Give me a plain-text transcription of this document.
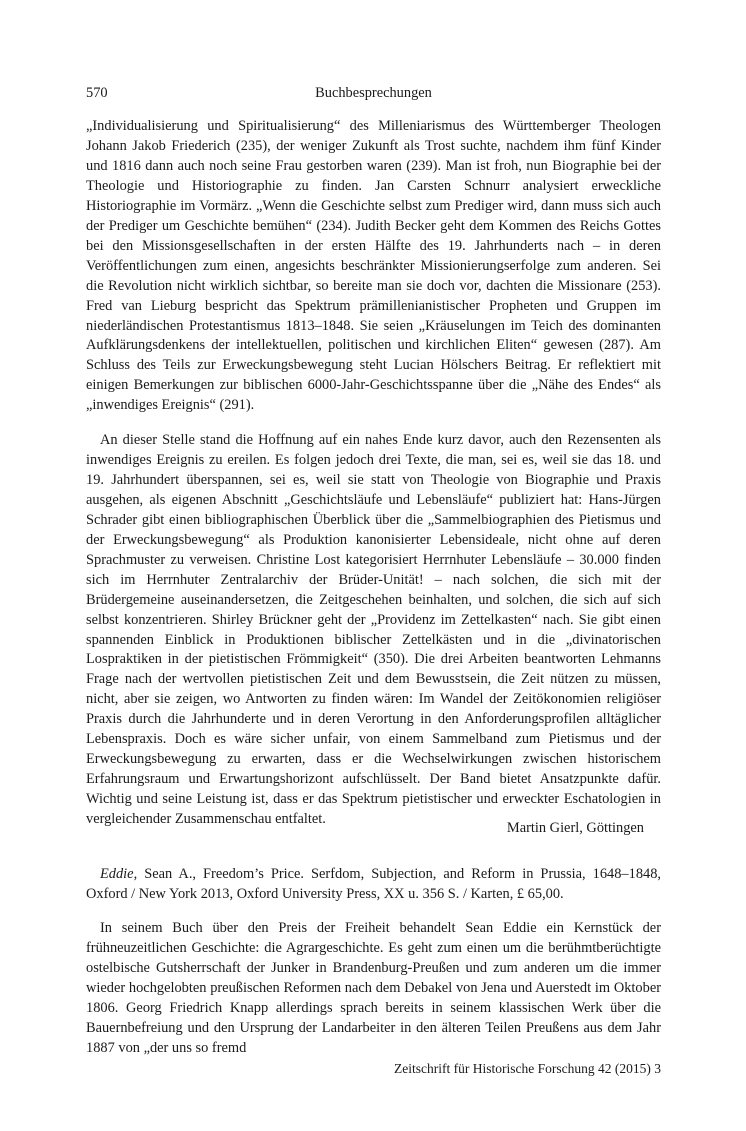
570	Buchbesprechungen

„Individualisierung und Spiritualisierung“ des Milleniarismus des Württemberger Theologen Johann Jakob Friederich (235), der weniger Zukunft als Trost suchte, nachdem ihm fünf Kinder und 1816 dann auch noch seine Frau gestorben waren (239). Man ist froh, nun Biographie bei der Theologie und Historiographie zu finden. Jan Carsten Schnurr analysiert erweckliche Historiographie im Vormärz. „Wenn die Geschichte selbst zum Prediger wird, dann muss sich auch der Prediger um Geschichte bemühen“ (234). Judith Becker geht dem Kommen des Reichs Gottes bei den Missionsgesellschaften in der ersten Hälfte des 19. Jahrhunderts nach – in deren Veröffentlichungen zum einen, angesichts beschränkter Missionierungserfolge zum anderen. Sei die Revolution nicht wirklich sichtbar, so bereite man sie doch vor, dachten die Missionare (253). Fred van Lieburg bespricht das Spektrum prämillenianistischer Propheten und Gruppen im niederländischen Protestantismus 1813–1848. Sie seien „Kräuselungen im Teich des dominanten Aufklärungsdenkens der intellektuellen, politischen und kirchlichen Eliten“ gewesen (287). Am Schluss des Teils zur Erweckungsbewegung steht Lucian Hölschers Beitrag. Er reflektiert mit einigen Bemerkungen zur biblischen 6000-Jahr-Geschichtsspanne über die „Nähe des Endes“ als „inwendiges Ereignis“ (291).

An dieser Stelle stand die Hoffnung auf ein nahes Ende kurz davor, auch den Rezensenten als inwendiges Ereignis zu ereilen. Es folgen jedoch drei Texte, die man, sei es, weil sie das 18. und 19. Jahrhundert überspannen, sei es, weil sie statt von Theologie von Biographie und Praxis ausgehen, als eigenen Abschnitt „Geschichtsläufe und Lebensläufe“ publiziert hat: Hans-Jürgen Schrader gibt einen bibliographischen Überblick über die „Sammelbiographien des Pietismus und der Erweckungsbewegung“ als Produktion kanonisierter Lebensideale, nicht ohne auf deren Sprachmuster zu verweisen. Christine Lost kategorisiert Herrnhuter Lebensläufe – 30.000 finden sich im Herrnhuter Zentralarchiv der Brüder-Unität! – nach solchen, die sich mit der Brüdergemeine auseinandersetzen, die Zeitgeschehen beinhalten, und solchen, die sich auf sich selbst konzentrieren. Shirley Brückner geht der „Providenz im Zettelkasten“ nach. Sie gibt einen spannenden Einblick in Produktionen biblischer Zettelkästen und in die „divinatorischen Lospraktiken in der pietistischen Frömmigkeit“ (350). Die drei Arbeiten beantworten Lehmanns Frage nach der wertvollen pietistischen Zeit und dem Bewusstsein, die Zeit nützen zu müssen, nicht, aber sie zeigen, wo Antworten zu finden wären: Im Wandel der Zeitökonomien religiöser Praxis durch die Jahrhunderte und in deren Verortung in den Anforderungsprofilen alltäglicher Lebenspraxis. Doch es wäre sicher unfair, von einem Sammelband zum Pietismus und der Erweckungsbewegung zu erwarten, dass er die Wechselwirkungen zwischen historischem Erfahrungsraum und Erwartungshorizont aufschlüsselt. Der Band bietet Ansatzpunkte dafür. Wichtig und seine Leistung ist, dass er das Spektrum pietistischer und erweckter Eschatologien in vergleichender Zusammenschau entfaltet.

Martin Gierl, Göttingen

Eddie, Sean A., Freedom’s Price. Serfdom, Subjection, and Reform in Prussia, 1648–1848, Oxford / New York 2013, Oxford University Press, XX u. 356 S. / Karten, £ 65,00.

In seinem Buch über den Preis der Freiheit behandelt Sean Eddie ein Kernstück der frühneuzeitlichen Geschichte: die Agrargeschichte. Es geht zum einen um die berühmtberüchtigte ostelbische Gutsherrschaft der Junker in Brandenburg-Preußen und zum anderen um die immer wieder hochgelobten preußischen Reformen nach dem Debakel von Jena und Auerstedt im Oktober 1806. Georg Friedrich Knapp allerdings sprach bereits in seinem klassischen Werk über die Bauernbefreiung und den Ursprung der Landarbeiter in den älteren Teilen Preußens aus dem Jahr 1887 von „der uns so fremd

Zeitschrift für Historische Forschung 42 (2015) 3
